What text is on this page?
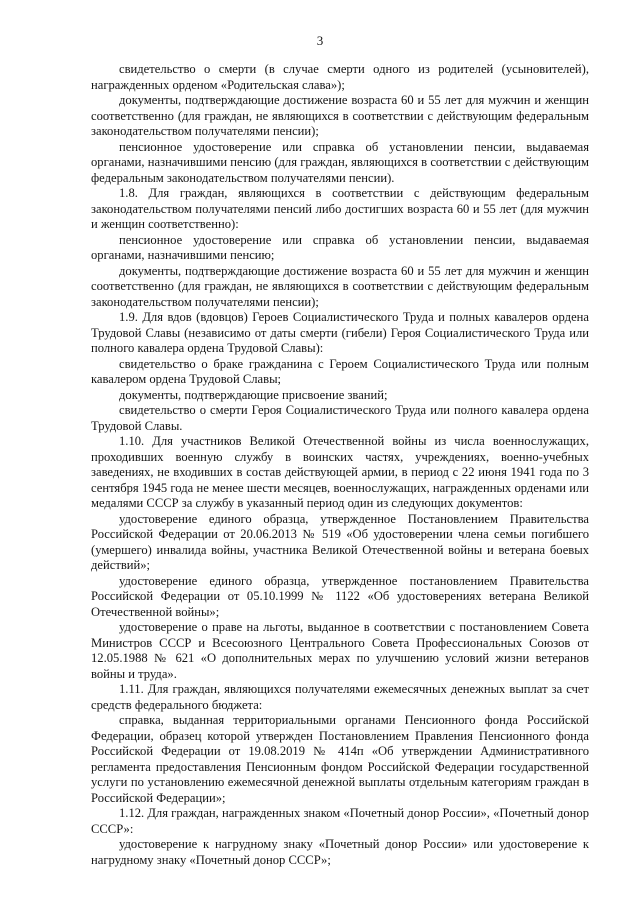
3

свидетельство о смерти (в случае смерти одного из родителей (усыновителей), награжденных орденом «Родительская слава»);

документы, подтверждающие достижение возраста 60 и 55 лет для мужчин и женщин соответственно (для граждан, не являющихся в соответствии с действующим федеральным законодательством получателями пенсии);

пенсионное удостоверение или справка об установлении пенсии, выдаваемая органами, назначившими пенсию (для граждан, являющихся в соответствии с действующим федеральным законодательством получателями пенсии).

1.8. Для граждан, являющихся в соответствии с действующим федеральным законодательством получателями пенсий либо достигших возраста 60 и 55 лет (для мужчин и женщин соответственно):

пенсионное удостоверение или справка об установлении пенсии, выдаваемая органами, назначившими пенсию;

документы, подтверждающие достижение возраста 60 и 55 лет для мужчин и женщин соответственно (для граждан, не являющихся в соответствии с действующим федеральным законодательством получателями пенсии);

1.9. Для вдов (вдовцов) Героев Социалистического Труда и полных кавалеров ордена Трудовой Славы (независимо от даты смерти (гибели) Героя Социалистического Труда или полного кавалера ордена Трудовой Славы):

свидетельство о браке гражданина с Героем Социалистического Труда или полным кавалером ордена Трудовой Славы;

документы, подтверждающие присвоение званий;

свидетельство о смерти Героя Социалистического Труда или полного кавалера ордена Трудовой Славы.

1.10. Для участников Великой Отечественной войны из числа военнослужащих, проходивших военную службу в воинских частях, учреждениях, военно-учебных заведениях, не входивших в состав действующей армии, в период с 22 июня 1941 года по 3 сентября 1945 года не менее шести месяцев, военнослужащих, награжденных орденами или медалями СССР за службу в указанный период один из следующих документов:

удостоверение единого образца, утвержденное Постановлением Правительства Российской Федерации от 20.06.2013 № 519 «Об удостоверении члена семьи погибшего (умершего) инвалида войны, участника Великой Отечественной войны и ветерана боевых действий»;

удостоверение единого образца, утвержденное постановлением Правительства Российской Федерации от 05.10.1999 № 1122 «Об удостоверениях ветерана Великой Отечественной войны»;

удостоверение о праве на льготы, выданное в соответствии с постановлением Совета Министров СССР и Всесоюзного Центрального Совета Профессиональных Союзов от 12.05.1988 № 621 «О дополнительных мерах по улучшению условий жизни ветеранов войны и труда».

1.11. Для граждан, являющихся получателями ежемесячных денежных выплат за счет средств федерального бюджета:

справка, выданная территориальными органами Пенсионного фонда Российской Федерации, образец которой утвержден Постановлением Правления Пенсионного фонда Российской Федерации от 19.08.2019 № 414п «Об утверждении Административного регламента предоставления Пенсионным фондом Российской Федерации государственной услуги по установлению ежемесячной денежной выплаты отдельным категориям граждан в Российской Федерации»;

1.12. Для граждан, награжденных знаком «Почетный донор России», «Почетный донор СССР»:

удостоверение к нагрудному знаку «Почетный донор России» или удостоверение к нагрудному знаку «Почетный донор СССР»;
